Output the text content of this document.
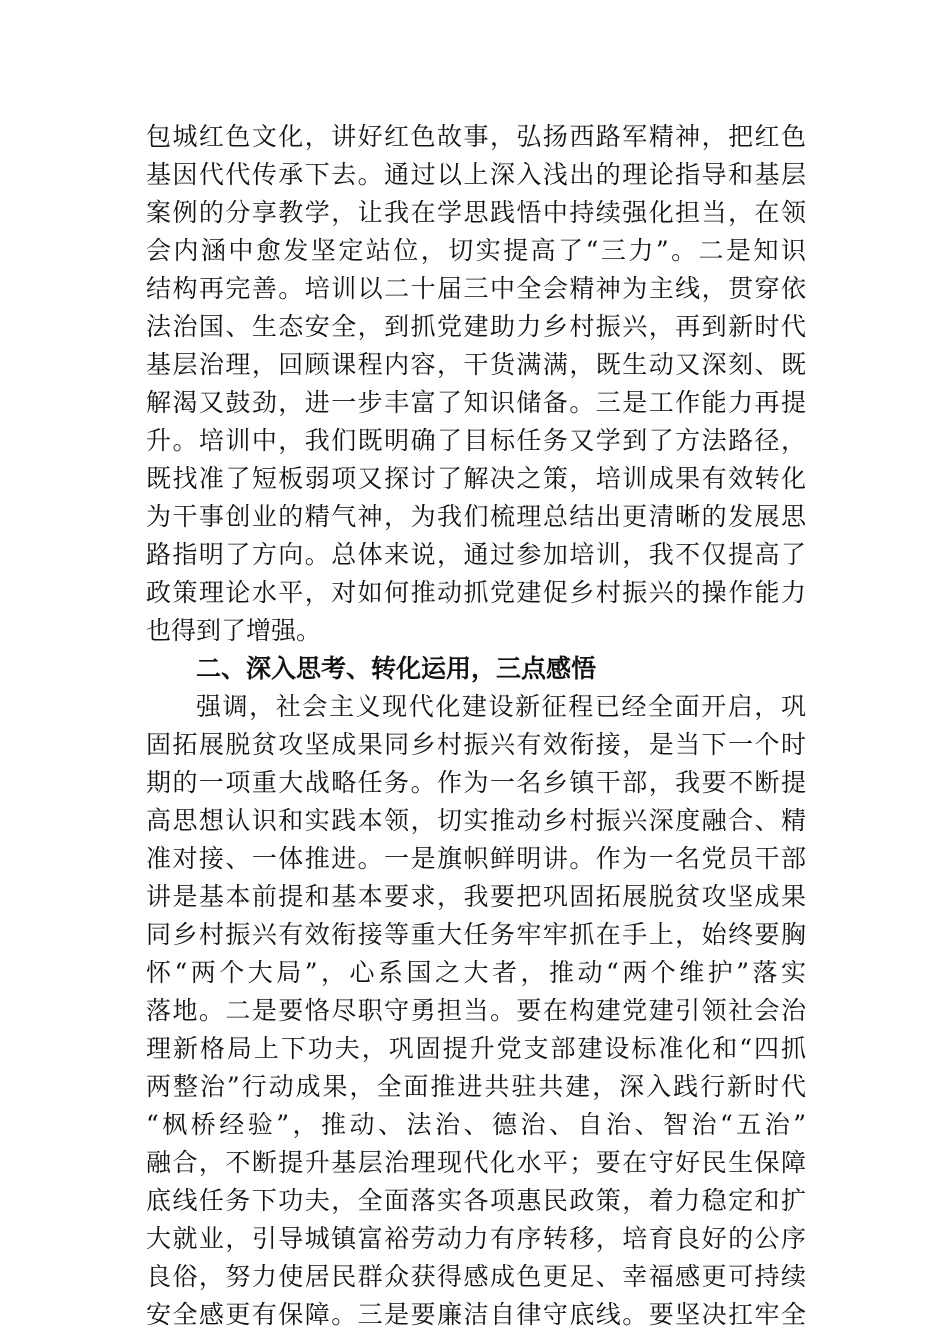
包城红色文化，讲好红色故事，弘扬西路军精神，把红色
基因代代传承下去。通过以上深入浅出的理论指导和基层
案例的分享教学，让我在学思践悟中持续强化担当，在领
会内涵中愈发坚定站位，切实提高了“三力”。二是知识
结构再完善。培训以二十届三中全会精神为主线，贯穿依
法治国、生态安全，到抓党建助力乡村振兴，再到新时代
基层治理，回顾课程内容，干货满满，既生动又深刻、既
解渴又鼓劲，进一步丰富了知识储备。三是工作能力再提
升。培训中，我们既明确了目标任务又学到了方法路径，
既找准了短板弱项又探讨了解决之策，培训成果有效转化
为干事创业的精气神，为我们梳理总结出更清晰的发展思
路指明了方向。总体来说，通过参加培训，我不仅提高了
政策理论水平，对如何推动抓党建促乡村振兴的操作能力
也得到了增强。
二、深入思考、转化运用，三点感悟
强调，社会主义现代化建设新征程已经全面开启，巩
固拓展脱贫攻坚成果同乡村振兴有效衔接，是当下一个时
期的一项重大战略任务。作为一名乡镇干部，我要不断提
高思想认识和实践本领，切实推动乡村振兴深度融合、精
准对接、一体推进。一是旗帜鲜明讲。作为一名党员干部
讲是基本前提和基本要求，我要把巩固拓展脱贫攻坚成果
同乡村振兴有效衔接等重大任务牢牢抓在手上，始终要胸
怀“两个大局”，心系国之大者，推动“两个维护”落实
落地。二是要恪尽职守勇担当。要在构建党建引领社会治
理新格局上下功夫，巩固提升党支部建设标准化和“四抓
两整治”行动成果，全面推进共驻共建，深入践行新时代
“枫桥经验”，推动、法治、德治、自治、智治“五治”
融合，不断提升基层治理现代化水平；要在守好民生保障
底线任务下功夫，全面落实各项惠民政策，着力稳定和扩
大就业，引导城镇富裕劳动力有序转移，培育良好的公序
良俗，努力使居民群众获得感成色更足、幸福感更可持续
安全感更有保障。三是要廉洁自律守底线。要坚决扛牢全
